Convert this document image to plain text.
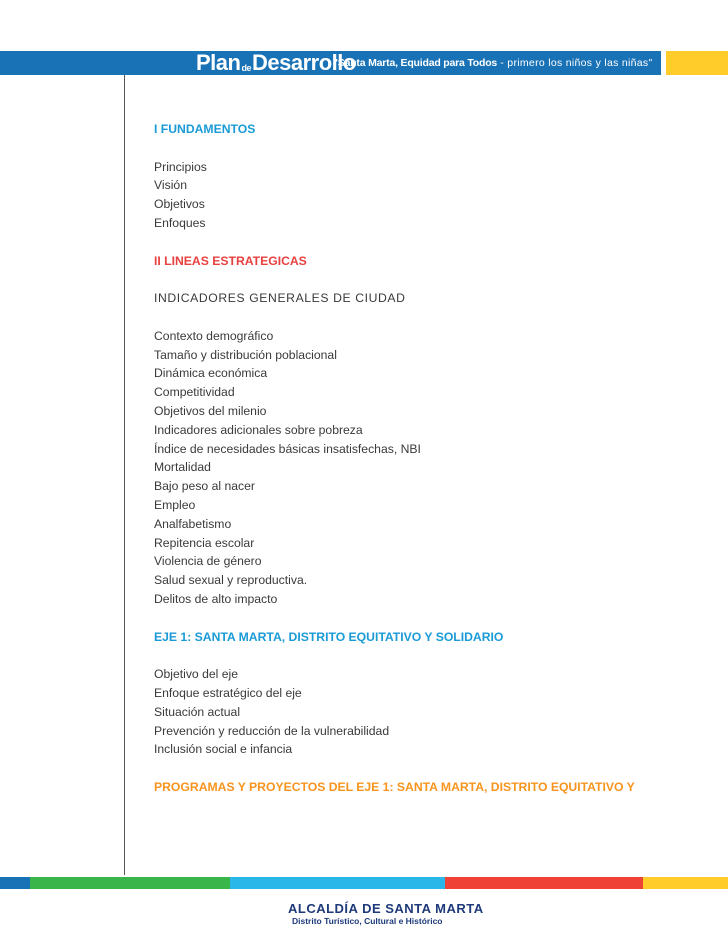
Plan de Desarrollo
"Santa Marta, Equidad para Todos - primero los niños y las niñas"

I FUNDAMENTOS

Principios

Visión

Objetivos

Enfoques

II LINEAS ESTRATEGICAS

INDICADORES GENERALES DE CIUDAD

Contexto demográfico

Tamaño y distribución poblacional

Dinámica económica

Competitividad

Objetivos del milenio

Indicadores adicionales sobre pobreza

Índice de necesidades básicas insatisfechas, NBI

Mortalidad

Bajo peso al nacer

Empleo

Analfabetismo

Repitencia escolar

Violencia de género

Salud sexual y reproductiva.

Delitos de alto impacto

EJE 1: SANTA MARTA, DISTRITO EQUITATIVO Y SOLIDARIO

Objetivo del eje

Enfoque estratégico del eje

Situación actual

Prevención y reducción de la vulnerabilidad

Inclusión social e infancia

PROGRAMAS Y PROYECTOS DEL EJE 1: SANTA MARTA, DISTRITO EQUITATIVO Y

ALCALDÍA DE SANTA MARTA
Distrito Turístico, Cultural e Histórico
